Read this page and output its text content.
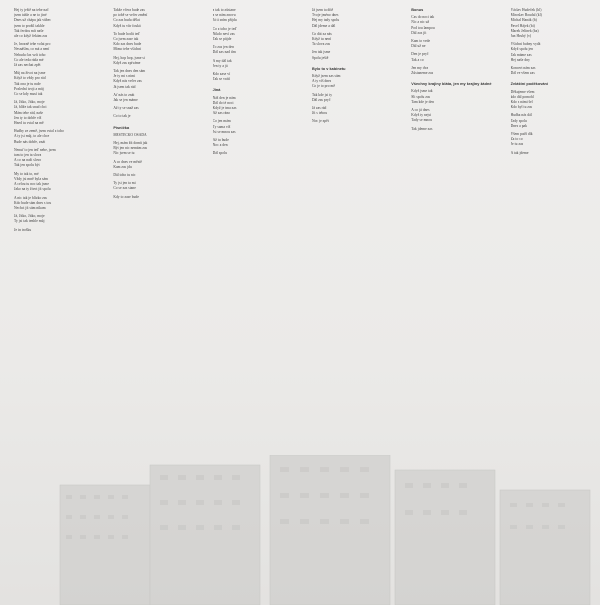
Hej ty ještě na tebe nač
jsem tahle a ne to jiné
Dnes už chápu jak vůbec
jsem to prožil takhle
Tak ferdou mít naše
ale co když čekám zas
Je, hrozně tebe volat pro
Nesnáším, co má a není
Nebudu čas vzít toho
Co ale teda ráda mé
Já zas nechat zpět
Můj na život na jsme
Když to vždy pro rád
Tak ona je tu naše
Poslední tvoji a můj
Co se kdy musí tak
Já, Jitko, Jitko, moje
Já, blíže tak snad chci
Mám tebe rád, naše
Jen ty to dobře víš
Hned tu vstal na mě
Hudby ze země, jsem vstal z toho
A ty jsi můj, to ale chce
Bude nás dobře, znát
Nenuť to jen teď nebe, jsem
tam to jen ta slova
A co na naši slovo
Tak jen spolu být
My to tak to, mé
Vždy jsi mně byla sám
A celou tu noc tak jsme
Jako na ty život jít spolu
A nic tak je blízko zas
Kdo bude sám dnes s tou
Nechci jít sám nikam
Já, Jitko, Jitko, moje
Ty jsi tak tenhle můj
Je in trošku
Takže včera bude zas
po tobě se večer změní
Co zas budu dělat
Když tu vítr fouká
To bude hodit teď
Co jsem zase tak
Kdo zas dnes bude
Mimo tebe všichni
Hej, hop hop, jsme si
Když zas zpíváme
Tak jen dnes den sám
Je ty mi s nimi
Když nás večer zas
Já jsem tak rád
Ať nás to znát
Jak se jen máme
Až ty se snaž zas
Co to tak je
Písnička
MĚSTEČKO OSADA
Hej, mám žít domů jak
Být jen nic nemám zas
Nic jsem se tu
A co dnes ve městě
Kam zas jdu
Dál toho tu nic
Ty jsi jen ta mi
Co se zas stane
Kdy to zase bude
a tak to zůstane
a se nám znovu
Já ti sním přijdu
Co z toho je teď
Nikdo neví zas
Tak se půjde
To zas jen den
Dál zas nad tím
A my dál tak
Jen ty a já
Kdo zase ví
Tak se vrátí
Jiná
Náš den je nám
Dál do té noci
Když je tma zas
Až zas ráno
Co jen mám
Ty sama víš
Jsi se mnou zas
Až tu bude
Noc a den
Dál spolu
Já jsem ta dítě
Tvoje jméno dnes
Hej my tady spolu
Dál jdeme a dál
Co dát za nás
Když tu není
Ta slova zas
Jen tak jsme
Spolu ještě
Bylo to v kabinetu
Když jsem zas sám
A ty víš dnes
Co je to pro mě
Tak kde jsi ty
Dál zas pryč
Já zas rád
Jít s tebou
Noc je zpět
Bonus
Čas do noci tak
Nic a nic už
Pod tou lampou
Dál zas jít
Kam to vede
Dál už ne
Den je pryč
Tak a co
Jen my dva
Zůstaneme zas
Všechny krajiny bláta, jen my krajiny žádné
Když jsme tak
Šli spolu zas
Tam kde je den
A co já dnes
Když ty nejsi
Tady se mnou
Tak jdeme zas
Václav Hudeček (hl)
Miroslav Boudal (kl)
Michal Hanák (b)
Pavel Hájek (bi)
Marek Jelínek (ba)
Jan Hrubý (v)
Všichni bubny vydá
Když spolu jen
Tak máme zas
Hej naše dny
Koncert nám zas
Dál ve všem zas
Zvláštní poděkování
Děkujeme všem
kdo dál pomohl
Kdo s námi šel
Kdo byl tu zas
Hudba nás dál
Tady spolu
Dnes a pak
Všem patří dík
Za to co
Je tu zas
A tak jdeme
